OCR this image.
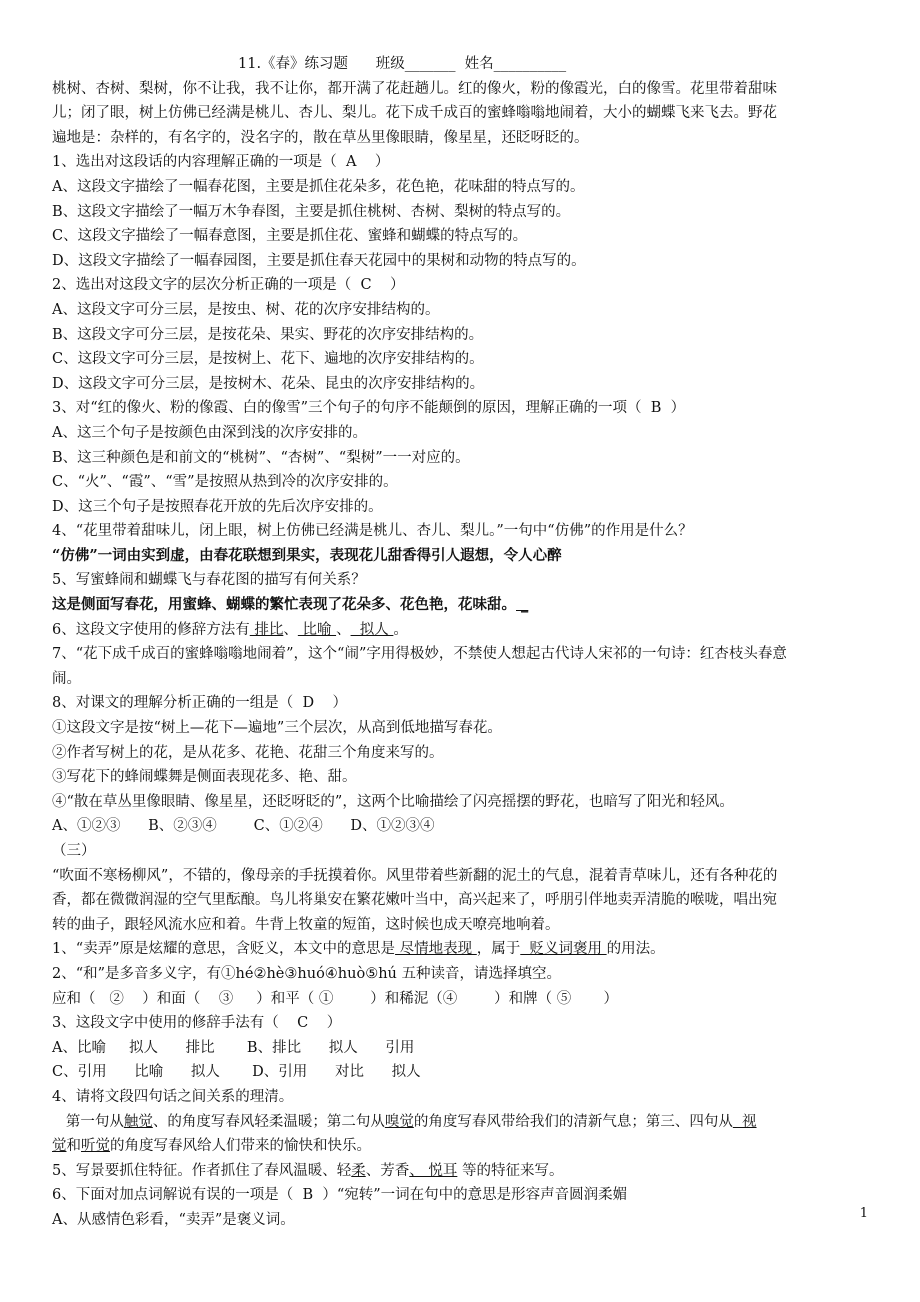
11.《春》练习题      班级_______  姓名__________

桃树、杏树、梨树，你不让我，我不让你，都开满了花赶趟儿。红的像火，粉的像霞光，白的像雪。花里带着甜味

儿；闭了眼，树上仿佛已经满是桃儿、杏儿、梨儿。花下成千成百的蜜蜂嗡嗡地闹着，大小的蝴蝶飞来飞去。野花

遍地是：杂样的，有名字的，没名字的，散在草丛里像眼睛，像星星，还眨呀眨的。

1、选出对这段话的内容理解正确的一项是（  A    ）

A、这段文字描绘了一幅春花图，主要是抓住花朵多，花色艳，花味甜的特点写的。

B、这段文字描绘了一幅万木争春图，主要是抓住桃树、杏树、梨树的特点写的。

C、这段文字描绘了一幅春意图，主要是抓住花、蜜蜂和蝴蝶的特点写的。

D、这段文字描绘了一幅春园图，主要是抓住春天花园中的果树和动物的特点写的。

2、选出对这段文字的层次分析正确的一项是（  C    ）

A、这段文字可分三层，是按虫、树、花的次序安排结构的。

B、这段文字可分三层，是按花朵、果实、野花的次序安排结构的。

C、这段文字可分三层，是按树上、花下、遍地的次序安排结构的。

D、这段文字可分三层，是按树木、花朵、昆虫的次序安排结构的。

3、对“红的像火、粉的像霞、白的像雪”三个句子的句序不能颠倒的原因，理解正确的一项（  B  ）

A、这三个句子是按颜色由深到浅的次序安排的。

B、这三种颜色是和前文的“桃树”、“杏树”、“梨树”一一对应的。

C、“火”、“霞”、“雪”是按照从热到冷的次序安排的。

D、这三个句子是按照春花开放的先后次序安排的。

4、“花里带着甜味儿，闭上眼，树上仿佛已经满是桃儿、杏儿、梨儿。”一句中“仿佛”的作用是什么？

“仿佛”一词由实到虚，由春花联想到果实，表现花儿甜香得引人遐想，令人心醉

5、写蜜蜂闹和蝴蝶飞与春花图的描写有何关系？

这是侧面写春花，用蜜蜂、蝴蝶的繁忙表现了花朵多、花色艳，花味甜。 _

6、这段文字使用的修辞方法有 排比、 比喻 、  拟人 。

7、“花下成千成百的蜜蜂嗡嗡地闹着”，这个“闹”字用得极妙，不禁使人想起古代诗人宋祁的一句诗：红杏枝头春意

闹。

8、对课文的理解分析正确的一组是（  D    ）

①这段文字是按“树上—花下—遍地”三个层次，从高到低地描写春花。

②作者写树上的花，是从花多、花艳、花甜三个角度来写的。

③写花下的蜂闹蝶舞是侧面表现花多、艳、甜。

④“散在草丛里像眼睛、像星星，还眨呀眨的”，这两个比喻描绘了闪亮摇摆的野花，也暗写了阳光和轻风。

A、①②③      B、②③④        C、①②④      D、①②③④

（三）

“吹面不寒杨柳风”，不错的，像母亲的手抚摸着你。风里带着些新翻的泥土的气息，混着青草味儿，还有各种花的

香，都在微微润湿的空气里酝酿。鸟儿将巢安在繁花嫩叶当中，高兴起来了，呼朋引伴地卖弄清脆的喉咙，唱出宛

转的曲子，跟轻风流水应和着。牛背上牧童的短笛，这时候也成天嘹亮地响着。

1、“卖弄”原是炫耀的意思，含贬义，本文中的意思是 尽情地表现 ，属于  贬义词褒用 的用法。

2、“和”是多音多义字，有①hé②hè③huó④huò⑤hú 五种读音，请选择填空。

应和（   ②    ）和面（    ③     ）和平（ ①        ）和稀泥（④        ）和牌（ ⑤       ）

3、这段文字中使用的修辞手法有（    C    ）

A、比喻     拟人      排比       B、排比      拟人      引用

C、引用      比喻      拟人       D、引用      对比      拟人

4、请将文段四句话之间关系的理清。

第一句从触觉、的角度写春风轻柔温暖；第二句从嗅觉的角度写春风带给我们的清新气息；第三、四句从  视

觉和听觉的角度写春风给人们带来的愉快和快乐。

5、写景要抓住特征。作者抓住了春风温暖、轻柔、芳香、 悦耳 等的特征来写。

6、下面对加点词解说有误的一项是（  B  ）“宛转”一词在句中的意思是形容声音圆润柔媚

A、从感情色彩看，“卖弄”是褒义词。	1
